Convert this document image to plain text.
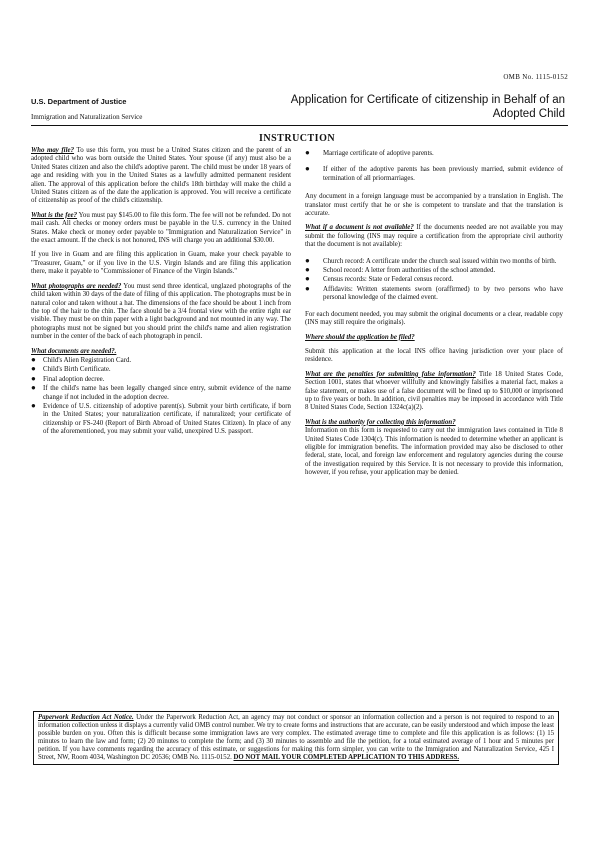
OMB No. 1115-0152
U.S. Department of Justice
Immigration and Naturalization Service
Application for Certificate of citizenship in Behalf of an Adopted Child
INSTRUCTION

Who may file? To use this form, you must be a United States citizen and the parent of an adopted child who was born outside the United States. Your spouse (if any) must also be a United States citizen and also the child's adoptive parent. The child must be under 18 years of age and residing with you in the United States as a lawfully admitted permanent resident alien. The approval of this application before the child's 18th birthday will make the child a United States citizen as of the date the application is approved. You will receive a certificate of citizenship as proof of the child's citizenship.

What is the fee? You must pay $145.00 to file this form. The fee will not be refunded. Do not mail cash. All checks or money orders must be payable in the U.S. currency in the United States. Make check or money order payable to "Immigration and Naturalization Service" in the exact amount. If the check is not honored, INS will charge you an additional $30.00.

If you live in Guam and are filing this application in Guam, make your check payable to "Treasurer, Guam," or if you live in the U.S. Virgin Islands and are filing this application there, make it payable to "Commissioner of Finance of the Virgin Islands."

What photographs are needed? You must send three identical, unglazed photographs of the child taken within 30 days of the date of filing of this application. The photographs must be in natural color and taken without a hat. The dimensions of the face should be about 1 inch from the top of the hair to the chin. The face should be a 3/4 frontal view with the entire right ear visible. They must be on thin paper with a light background and not mounted in any way. The photographs must not be signed but you should print the child's name and alien registration number in the center of the back of each photograph in pencil.

What documents are needed?.

● Child's Alien Registration Card.
● Child's Birth Certificate.
● Final adoption decree.
● If the child's name has been legally changed since entry, submit evidence of the name change if not included in the adoption decree.
● Evidence of U.S. citizenship of adoptive parent(s). Submit your birth certificate, if born in the United States; your naturalization certificate, if naturalized; your certificate of citizenship or FS-240 (Report of Birth Abroad of United States Citizen). In place of any of the aforementioned, you may submit your valid, unexpired U.S. passport.
● Marriage certificate of adoptive parents.
● If either of the adoptive parents has been previously married, submit evidence of termination of all priormarriages.

Any document in a foreign language must be accompanied by a translation in English. The translator must certify that he or she is competent to translate and that the translation is accurate.

What if a document is not available? If the documents needed are not available you may submit the following (INS may require a certification from the appropriate civil authority that the document is not available):

● Church record: A certificate under the church seal issued within two months of birth.
● School record: A letter from authorities of the school attended.
● Census records: State or Federal census record.
● Affidavits: Written statements sworn (oraffirmed) to by two persons who have personal knowledge of the claimed event.

For each document needed, you may submit the original documents or a clear, readable copy (INS may still require the originals).

Where should the application be filed?

Submit this application at the local INS office having jurisdiction over your place of residence.

What are the penalties for submitting false information? Title 18 United States Code, Section 1001, states that whoever willfully and knowingly falsifies a material fact, makes a false statement, or makes use of a false document will be fined up to $10,000 or imprisoned up to five years or both. In addition, civil penalties may be imposed in accordance with Title 8 United States Code, Section 1324c(a)(2).

What is the authority for collecting this information?

Information on this form is requested to carry out the immigration laws contained in Title 8 United States Code 1304(c). This information is needed to determine whether an applicant is eligible for immigration benefits. The information provided may also be disclosed to other federal, state, local, and foreign law enforcement and regulatory agencies during the course of the investigation required by this Service. It is not necessary to provide this information, however, if you refuse, your application may be denied.

Paperwork Reduction Act Notice. Under the Paperwork Reduction Act, an agency may not conduct or sponsor an information collection and a person is not required to respond to an information collection unless it displays a currently valid OMB control number. We try to create forms and instructions that are accurate, can be easily understood and which impose the least possible burden on you. Often this is difficult because some immigration laws are very complex. The estimated average time to complete and file this application is as follows: (1) 15 minutes to learn the law and form; (2) 20 minutes to complete the form; and (3) 30 minutes to assemble and file the petition, for a total estimated average of 1 hour and 5 minutes per petition. If you have comments regarding the accuracy of this estimate, or suggestions for making this form simpler, you can write to the Immigration and Naturalization Service, 425 I Street, NW, Room 4034, Washington DC 20536; OMB No. 1115-0152. DO NOT MAIL YOUR COMPLETED APPLICATION TO THIS ADDRESS.
